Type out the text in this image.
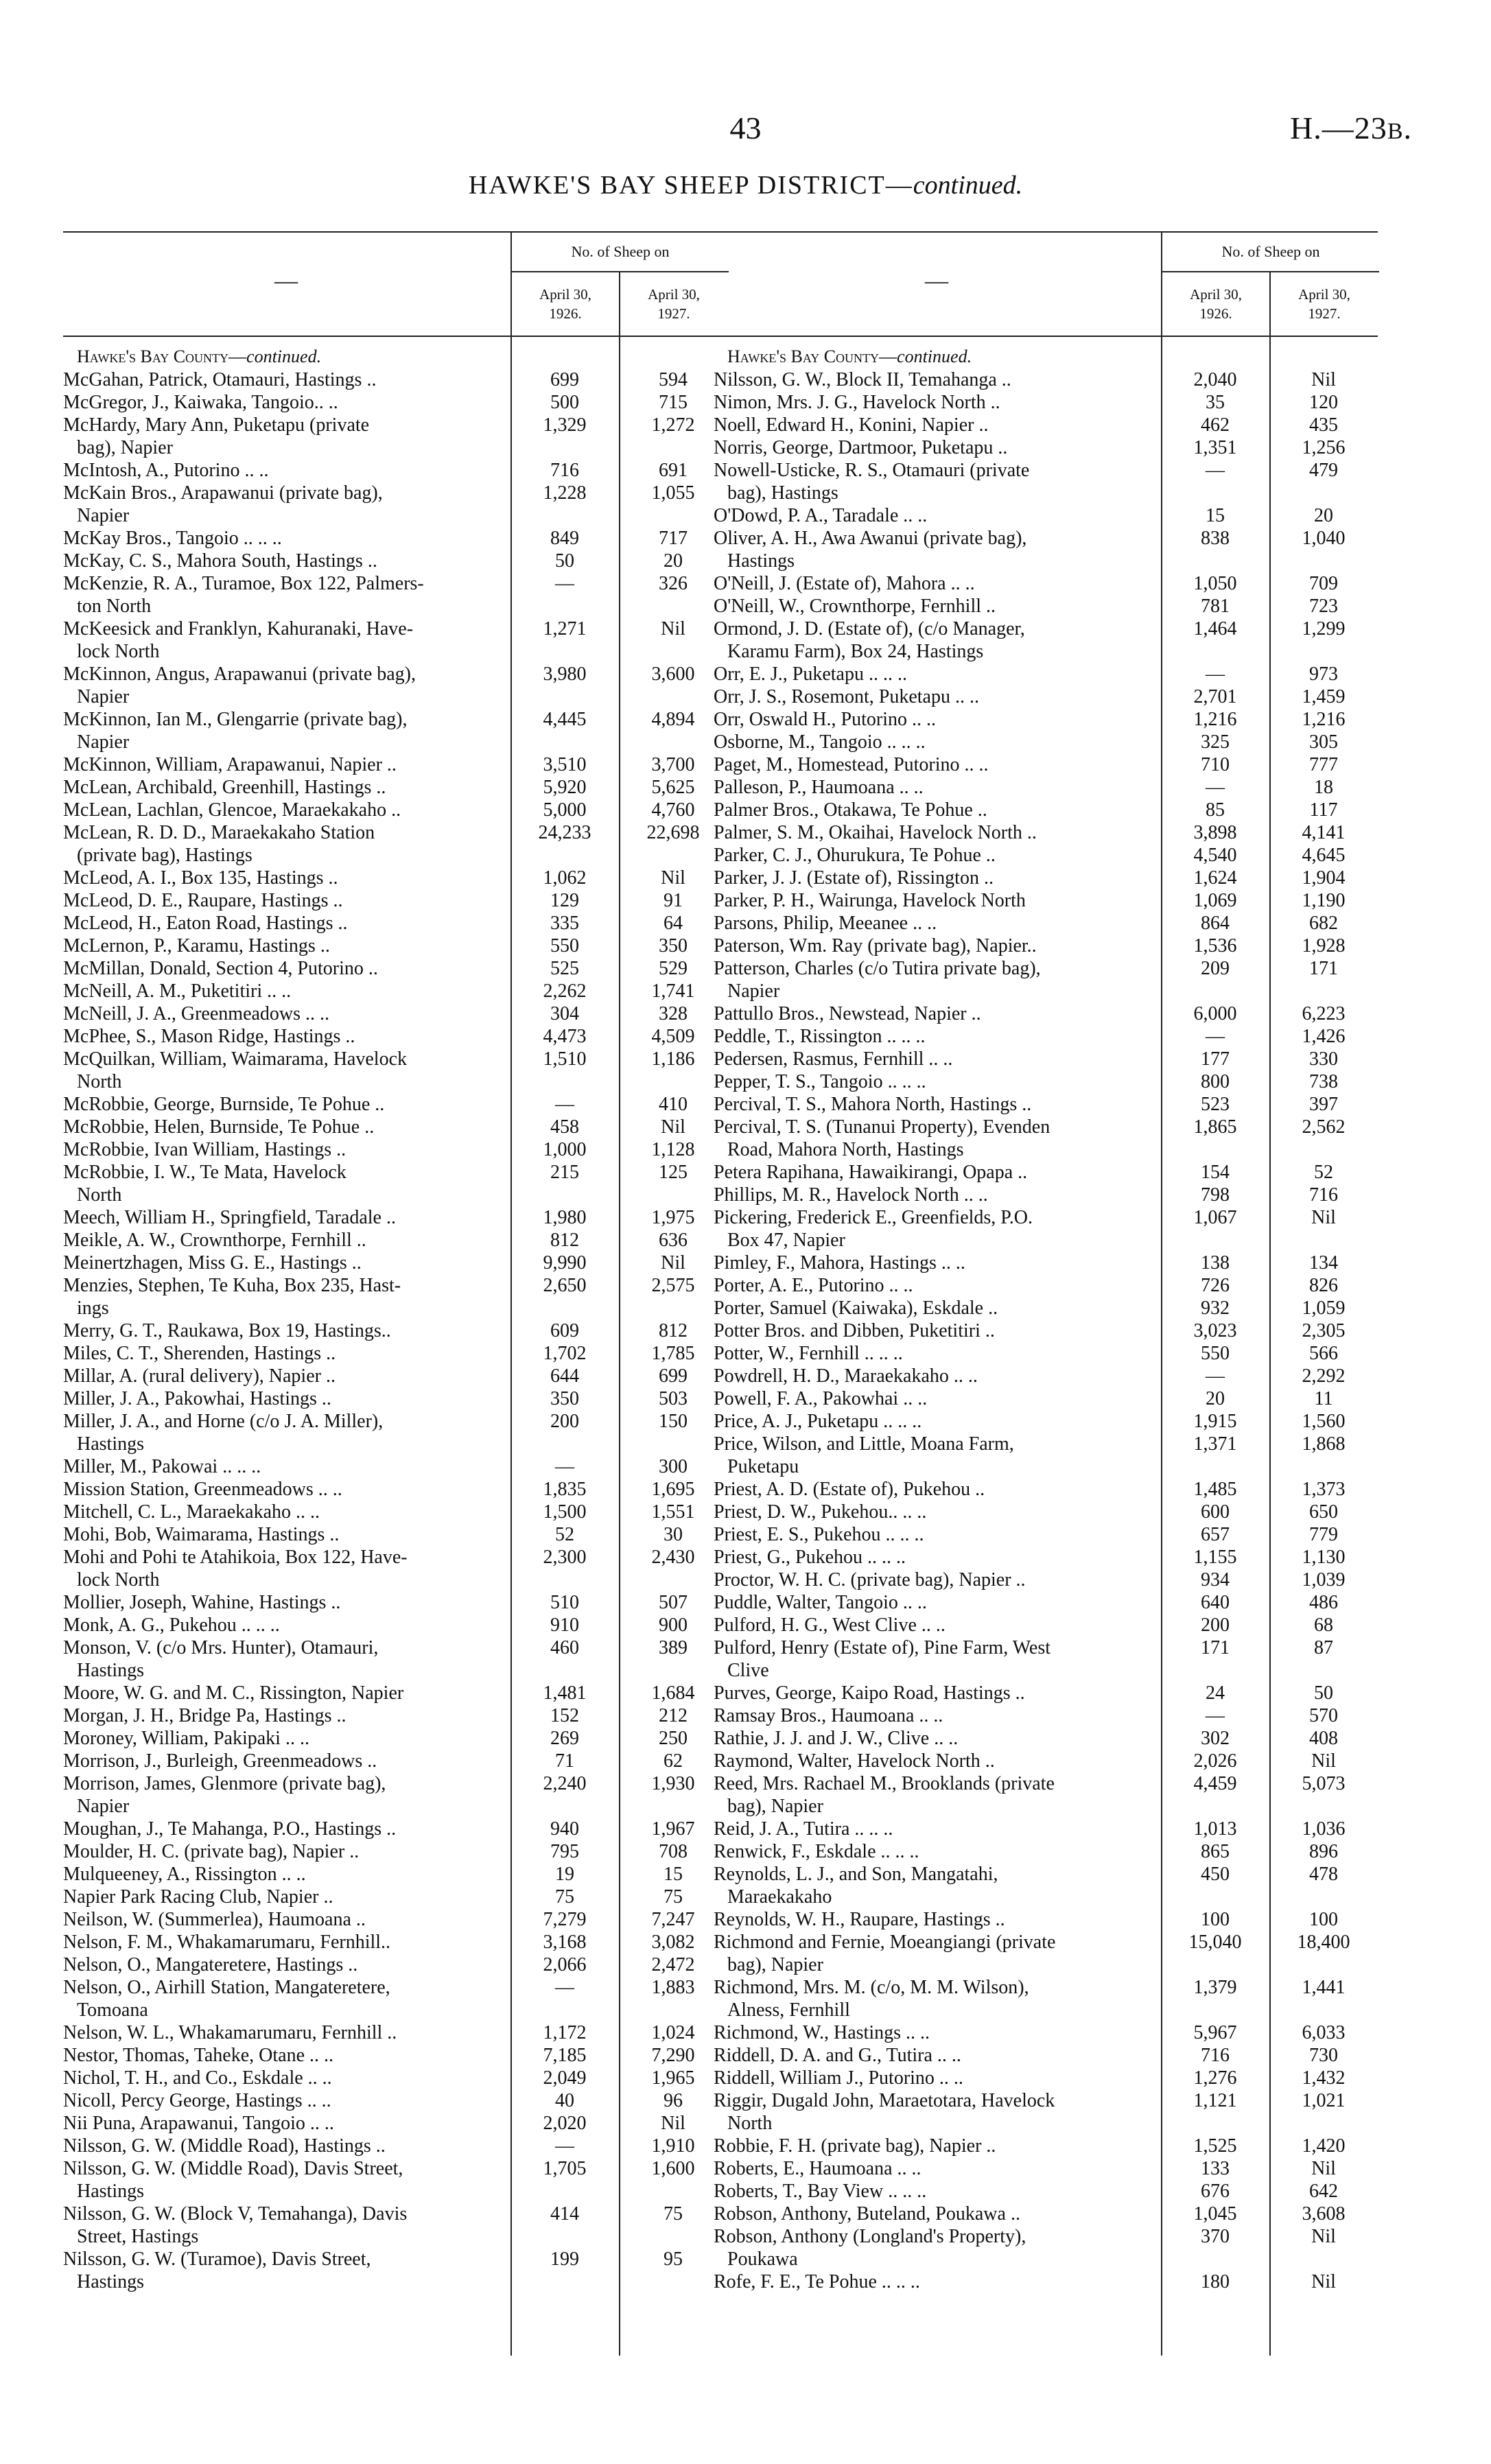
43	H.—23B.
HAWKE'S BAY SHEEP DISTRICT—continued.
—
No. of Sheep on
April 30,
1926.
April 30,
1927.
Hawke's Bay County—continued.
McGahan, Patrick, Otamauri, Hastings ..	699	594
McGregor, J., Kaiwaka, Tangoio.. ..	500	715
McHardy, Mary Ann, Puketapu (private
bag), Napier
1,329	1,272
McIntosh, A., Putorino .. ..	716	691
McKain Bros., Arapawanui (private bag),
Napier
1,228	1,055
McKay Bros., Tangoio .. .. ..	849	717
McKay, C. S., Mahora South, Hastings ..	50	20
McKenzie, R. A., Turamoe, Box 122, Palmers-
ton North
—	326
McKeesick and Franklyn, Kahuranaki, Have-
lock North
1,271	Nil
McKinnon, Angus, Arapawanui (private bag),
Napier
3,980	3,600
McKinnon, Ian M., Glengarrie (private bag),
Napier
4,445	4,894
McKinnon, William, Arapawanui, Napier ..	3,510	3,700
McLean, Archibald, Greenhill, Hastings ..	5,920	5,625
McLean, Lachlan, Glencoe, Maraekakaho ..	5,000	4,760
McLean, R. D. D., Maraekakaho Station
(private bag), Hastings
24,233	22,698
McLeod, A. I., Box 135, Hastings ..	1,062	Nil
McLeod, D. E., Raupare, Hastings ..	129	91
McLeod, H., Eaton Road, Hastings ..	335	64
McLernon, P., Karamu, Hastings ..	550	350
McMillan, Donald, Section 4, Putorino ..	525	529
McNeill, A. M., Puketitiri .. ..	2,262	1,741
McNeill, J. A., Greenmeadows .. ..	304	328
McPhee, S., Mason Ridge, Hastings ..	4,473	4,509
McQuilkan, William, Waimarama, Havelock
North
1,510	1,186
McRobbie, George, Burnside, Te Pohue ..	—	410
McRobbie, Helen, Burnside, Te Pohue ..	458	Nil
McRobbie, Ivan William, Hastings ..	1,000	1,128
McRobbie, I. W., Te Mata, Havelock
North
215	125
Meech, William H., Springfield, Taradale ..	1,980	1,975
Meikle, A. W., Crownthorpe, Fernhill ..	812	636
Meinertzhagen, Miss G. E., Hastings ..	9,990	Nil
Menzies, Stephen, Te Kuha, Box 235, Hast-
ings
2,650	2,575
Merry, G. T., Raukawa, Box 19, Hastings..	609	812
Miles, C. T., Sherenden, Hastings ..	1,702	1,785
Millar, A. (rural delivery), Napier ..	644	699
Miller, J. A., Pakowhai, Hastings ..	350	503
Miller, J. A., and Horne (c/o J. A. Miller),
Hastings
200	150
Miller, M., Pakowai .. .. ..	—	300
Mission Station, Greenmeadows .. ..	1,835	1,695
Mitchell, C. L., Maraekakaho .. ..	1,500	1,551
Mohi, Bob, Waimarama, Hastings ..	52	30
Mohi and Pohi te Atahikoia, Box 122, Have-
lock North
2,300	2,430
Mollier, Joseph, Wahine, Hastings ..	510	507
Monk, A. G., Pukehou .. .. ..	910	900
Monson, V. (c/o Mrs. Hunter), Otamauri,
Hastings
460	389
Moore, W. G. and M. C., Rissington, Napier	1,481	1,684
Morgan, J. H., Bridge Pa, Hastings ..	152	212
Moroney, William, Pakipaki .. ..	269	250
Morrison, J., Burleigh, Greenmeadows ..	71	62
Morrison, James, Glenmore (private bag),
Napier
2,240	1,930
Moughan, J., Te Mahanga, P.O., Hastings ..	940	1,967
Moulder, H. C. (private bag), Napier ..	795	708
Mulqueeney, A., Rissington .. ..	19	15
Napier Park Racing Club, Napier ..	75	75
Neilson, W. (Summerlea), Haumoana ..	7,279	7,247
Nelson, F. M., Whakamarumaru, Fernhill..	3,168	3,082
Nelson, O., Mangateretere, Hastings ..	2,066	2,472
Nelson, O., Airhill Station, Mangateretere,
Tomoana
—	1,883
Nelson, W. L., Whakamarumaru, Fernhill ..	1,172	1,024
Nestor, Thomas, Taheke, Otane .. ..	7,185	7,290
Nichol, T. H., and Co., Eskdale .. ..	2,049	1,965
Nicoll, Percy George, Hastings .. ..	40	96
Nii Puna, Arapawanui, Tangoio .. ..	2,020	Nil
Nilsson, G. W. (Middle Road), Hastings ..	—	1,910
Nilsson, G. W. (Middle Road), Davis Street,
Hastings
1,705	1,600
Nilsson, G. W. (Block V, Temahanga), Davis
Street, Hastings
414	75
Nilsson, G. W. (Turamoe), Davis Street,
Hastings
199	95
—
No. of Sheep on
April 30,
1926.
April 30,
1927.
Hawke's Bay County—continued.
Nilsson, G. W., Block II, Temahanga ..	2,040	Nil
Nimon, Mrs. J. G., Havelock North ..	35	120
Noell, Edward H., Konini, Napier ..	462	435
Norris, George, Dartmoor, Puketapu ..	1,351	1,256
Nowell-Usticke, R. S., Otamauri (private
bag), Hastings
—	479
O'Dowd, P. A., Taradale .. ..	15	20
Oliver, A. H., Awa Awanui (private bag),
Hastings
838	1,040
O'Neill, J. (Estate of), Mahora .. ..	1,050	709
O'Neill, W., Crownthorpe, Fernhill ..	781	723
Ormond, J. D. (Estate of), (c/o Manager,
Karamu Farm), Box 24, Hastings
1,464	1,299
Orr, E. J., Puketapu .. .. ..	—	973
Orr, J. S., Rosemont, Puketapu .. ..	2,701	1,459
Orr, Oswald H., Putorino .. ..	1,216	1,216
Osborne, M., Tangoio .. .. ..	325	305
Paget, M., Homestead, Putorino .. ..	710	777
Palleson, P., Haumoana .. ..	—	18
Palmer Bros., Otakawa, Te Pohue ..	85	117
Palmer, S. M., Okaihai, Havelock North ..	3,898	4,141
Parker, C. J., Ohurukura, Te Pohue ..	4,540	4,645
Parker, J. J. (Estate of), Rissington ..	1,624	1,904
Parker, P. H., Wairunga, Havelock North	1,069	1,190
Parsons, Philip, Meeanee .. ..	864	682
Paterson, Wm. Ray (private bag), Napier..	1,536	1,928
Patterson, Charles (c/o Tutira private bag),
Napier
209	171
Pattullo Bros., Newstead, Napier ..	6,000	6,223
Peddle, T., Rissington .. .. ..	—	1,426
Pedersen, Rasmus, Fernhill .. ..	177	330
Pepper, T. S., Tangoio .. .. ..	800	738
Percival, T. S., Mahora North, Hastings ..	523	397
Percival, T. S. (Tunanui Property), Evenden
Road, Mahora North, Hastings
1,865	2,562
Petera Rapihana, Hawaikirangi, Opapa ..	154	52
Phillips, M. R., Havelock North .. ..	798	716
Pickering, Frederick E., Greenfields, P.O.
Box 47, Napier
1,067	Nil
Pimley, F., Mahora, Hastings .. ..	138	134
Porter, A. E., Putorino .. ..	726	826
Porter, Samuel (Kaiwaka), Eskdale ..	932	1,059
Potter Bros. and Dibben, Puketitiri ..	3,023	2,305
Potter, W., Fernhill .. .. ..	550	566
Powdrell, H. D., Maraekakaho .. ..	—	2,292
Powell, F. A., Pakowhai .. ..	20	11
Price, A. J., Puketapu .. .. ..	1,915	1,560
Price, Wilson, and Little, Moana Farm,
Puketapu
1,371	1,868
Priest, A. D. (Estate of), Pukehou ..	1,485	1,373
Priest, D. W., Pukehou.. .. ..	600	650
Priest, E. S., Pukehou .. .. ..	657	779
Priest, G., Pukehou .. .. ..	1,155	1,130
Proctor, W. H. C. (private bag), Napier ..	934	1,039
Puddle, Walter, Tangoio .. ..	640	486
Pulford, H. G., West Clive .. ..	200	68
Pulford, Henry (Estate of), Pine Farm, West
Clive
171	87
Purves, George, Kaipo Road, Hastings ..	24	50
Ramsay Bros., Haumoana .. ..	—	570
Rathie, J. J. and J. W., Clive .. ..	302	408
Raymond, Walter, Havelock North ..	2,026	Nil
Reed, Mrs. Rachael M., Brooklands (private
bag), Napier
4,459	5,073
Reid, J. A., Tutira .. .. ..	1,013	1,036
Renwick, F., Eskdale .. .. ..	865	896
Reynolds, L. J., and Son, Mangatahi,
Maraekakaho
450	478
Reynolds, W. H., Raupare, Hastings ..	100	100
Richmond and Fernie, Moeangiangi (private
bag), Napier
15,040	18,400
Richmond, Mrs. M. (c/o, M. M. Wilson),
Alness, Fernhill
1,379	1,441
Richmond, W., Hastings .. ..	5,967	6,033
Riddell, D. A. and G., Tutira .. ..	716	730
Riddell, William J., Putorino .. ..	1,276	1,432
Riggir, Dugald John, Maraetotara, Havelock
North
1,121	1,021
Robbie, F. H. (private bag), Napier ..	1,525	1,420
Roberts, E., Haumoana .. ..	133	Nil
Roberts, T., Bay View .. .. ..	676	642
Robson, Anthony, Buteland, Poukawa ..	1,045	3,608
Robson, Anthony (Longland's Property),
Poukawa
370	Nil
Rofe, F. E., Te Pohue .. .. ..	180	Nil
